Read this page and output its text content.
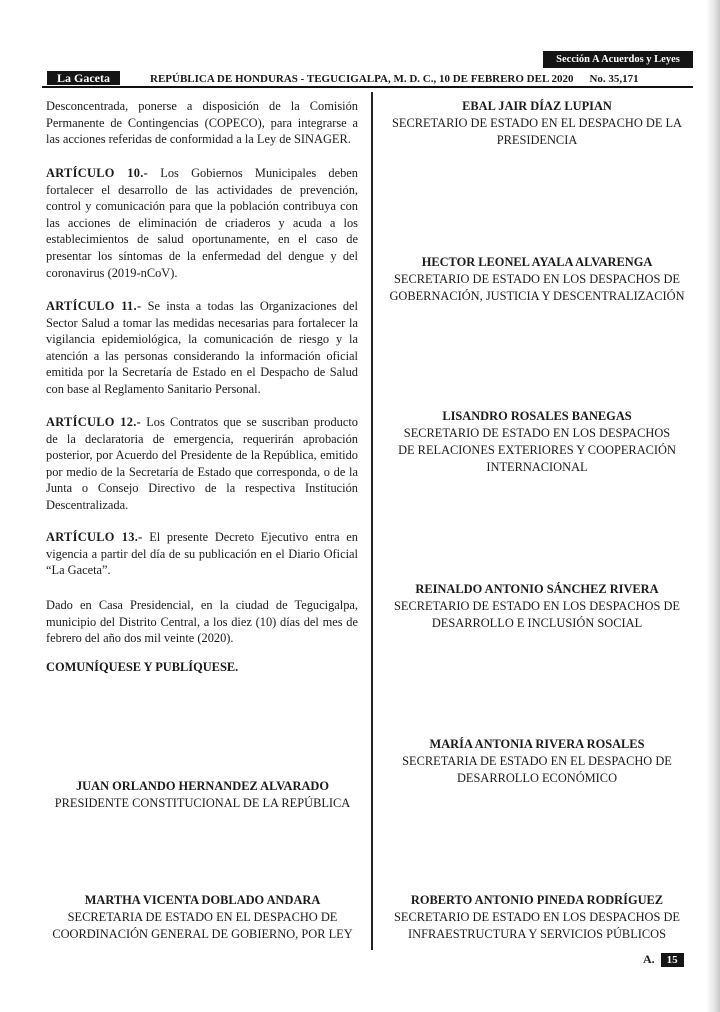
Sección A Acuerdos y Leyes
La Gaceta	REPÚBLICA DE HONDURAS - TEGUCIGALPA, M. D. C., 10 DE FEBRERO DEL 2020 No. 35,171
Desconcentrada, ponerse a disposición de la Comisión Permanente de Contingencias (COPECO), para integrarse a las acciones referidas de conformidad a la Ley de SINAGER.
ARTÍCULO 10.- Los Gobiernos Municipales deben fortalecer el desarrollo de las actividades de prevención, control y comunicación para que la población contribuya con las acciones de eliminación de criaderos y acuda a los establecimientos de salud oportunamente, en el caso de presentar los síntomas de la enfermedad del dengue y del coronavirus (2019-nCoV).
ARTÍCULO 11.- Se insta a todas las Organizaciones del Sector Salud a tomar las medidas necesarias para fortalecer la vigilancia epidemiológica, la comunicación de riesgo y la atención a las personas considerando la información oficial emitida por la Secretaría de Estado en el Despacho de Salud con base al Reglamento Sanitario Personal.
ARTÍCULO 12.- Los Contratos que se suscriban producto de la declaratoria de emergencia, requerirán aprobación posterior, por Acuerdo del Presidente de la República, emitido por medio de la Secretaría de Estado que corresponda, o de la Junta o Consejo Directivo de la respectiva Institución Descentralizada.
ARTÍCULO 13.- El presente Decreto Ejecutivo entra en vigencia a partir del día de su publicación en el Diario Oficial “La Gaceta”.
Dado en Casa Presidencial, en la ciudad de Tegucigalpa, municipio del Distrito Central, a los diez (10) días del mes de febrero del año dos mil veinte (2020).
COMUNÍQUESE Y PUBLÍQUESE.
JUAN ORLANDO HERNANDEZ ALVARADO
PRESIDENTE CONSTITUCIONAL DE LA REPÚBLICA
MARTHA VICENTA DOBLADO ANDARA
SECRETARIA DE ESTADO EN EL DESPACHO DE
COORDINACIÓN GENERAL DE GOBIERNO, POR LEY
EBAL JAIR DÍAZ LUPIAN
SECRETARIO DE ESTADO EN EL DESPACHO DE LA
PRESIDENCIA
HECTOR LEONEL AYALA ALVARENGA
SECRETARIO DE ESTADO EN LOS DESPACHOS DE
GOBERNACIÓN, JUSTICIA Y DESCENTRALIZACIÓN
LISANDRO ROSALES BANEGAS
SECRETARIO DE ESTADO EN LOS DESPACHOS
DE RELACIONES EXTERIORES Y COOPERACIÓN
INTERNACIONAL
REINALDO ANTONIO SÁNCHEZ RIVERA
SECRETARIO DE ESTADO EN LOS DESPACHOS DE
DESARROLLO E INCLUSIÓN SOCIAL
MARÍA ANTONIA RIVERA ROSALES
SECRETARIA DE ESTADO EN EL DESPACHO DE
DESARROLLO ECONÓMICO
ROBERTO ANTONIO PINEDA RODRÍGUEZ
SECRETARIO DE ESTADO EN LOS DESPACHOS DE
INFRAESTRUCTURA Y SERVICIOS PÚBLICOS
A.	15
